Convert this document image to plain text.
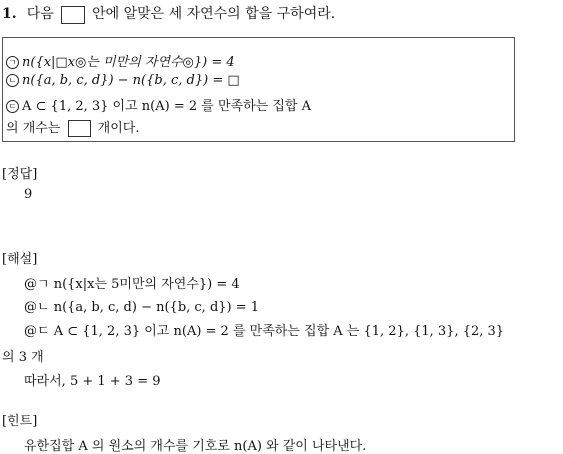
1. 다음	안에 알맞은 세 자연수의 합을 구하여라.
ㄱ n({x|□x◎는 미만의 자연수◎}) = 4
ㄴ n({a, b, c, d}) − n({b, c, d}) = □
ㄷ A ⊂ {1, 2, 3} 이고 n(A) = 2 를 만족하는 집합 A
의 개수는	개이다.
[정답]
9
[해설]
@ㄱ n({x|x는 5미만의 자연수}) = 4
@ㄴ n({a, b, c, d) − n({b, c, d}) = 1
@ㄷ A ⊂ {1, 2, 3} 이고 n(A) = 2 를 만족하는 집합 A 는 {1, 2}, {1, 3}, {2, 3}
의 3 개
따라서, 5 + 1 + 3 = 9
[힌트]
유한집합 A 의 원소의 개수를 기호로 n(A) 와 같이 나타낸다.
